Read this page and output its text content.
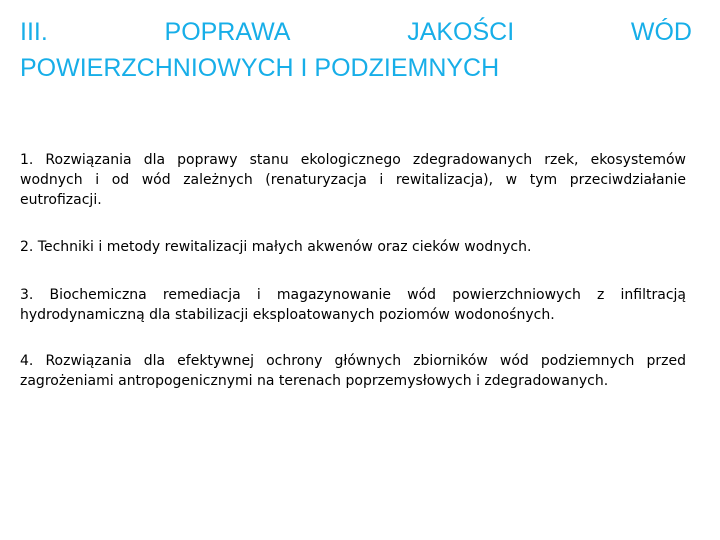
III.	POPRAWA	JAKOŚCI	WÓD
POWIERZCHNIOWYCH I PODZIEMNYCH

1. Rozwiązania dla poprawy stanu ekologicznego zdegradowanych rzek, ekosystemów wodnych i od wód zależnych (renaturyzacja i rewitalizacja), w tym przeciwdziałanie eutrofizacji.

2. Techniki i metody rewitalizacji małych akwenów oraz cieków wodnych.

3. Biochemiczna remediacja i magazynowanie wód powierzchniowych z infiltracją hydrodynamiczną dla stabilizacji eksploatowanych poziomów wodonośnych.

4. Rozwiązania dla efektywnej ochrony głównych zbiorników wód podziemnych przed zagrożeniami antropogenicznymi na terenach poprzemysłowych i zdegradowanych.
